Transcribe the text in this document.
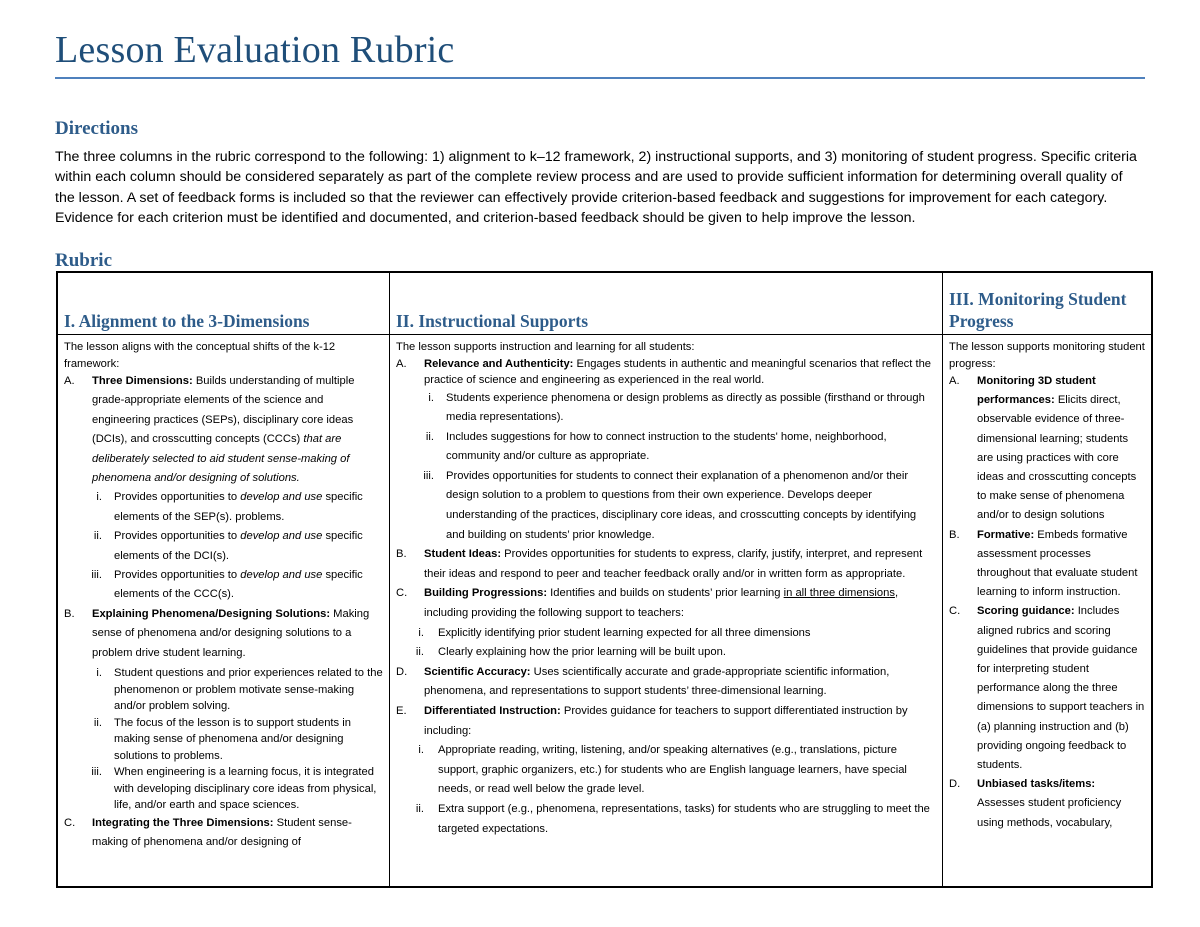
Lesson Evaluation Rubric
Directions

The three columns in the rubric correspond to the following: 1) alignment to k–12 framework, 2) instructional supports, and 3) monitoring of student progress. Specific criteria within each column should be considered separately as part of the complete review process and are used to provide sufficient information for determining overall quality of the lesson. A set of feedback forms is included so that the reviewer can effectively provide criterion-based feedback and suggestions for improvement for each category. Evidence for each criterion must be identified and documented, and criterion-based feedback should be given to help improve the lesson.

Rubric
I. Alignment to the 3-Dimensions

The lesson aligns with the conceptual shifts of the k-12 framework:

A. Three Dimensions: Builds understanding of multiple grade-appropriate elements of the science and engineering practices (SEPs), disciplinary core ideas (DCIs), and crosscutting concepts (CCCs) that are deliberately selected to aid student sense-making of phenomena and/or designing of solutions.
i. Provides opportunities to develop and use specific elements of the SEP(s). problems.
ii. Provides opportunities to develop and use specific elements of the DCI(s).
iii. Provides opportunities to develop and use specific elements of the CCC(s).
B. Explaining Phenomena/Designing Solutions: Making sense of phenomena and/or designing solutions to a problem drive student learning.
i. Student questions and prior experiences related to the phenomenon or problem motivate sense-making and/or problem solving.
ii. The focus of the lesson is to support students in making sense of phenomena and/or designing solutions to problems.
iii. When engineering is a learning focus, it is integrated with developing disciplinary core ideas from physical, life, and/or earth and space sciences.
C. Integrating the Three Dimensions: Student sense-making of phenomena and/or designing of
II. Instructional Supports

The lesson supports instruction and learning for all students:

A. Relevance and Authenticity: Engages students in authentic and meaningful scenarios that reflect the practice of science and engineering as experienced in the real world.
i. Students experience phenomena or design problems as directly as possible (firsthand or through media representations).
ii. Includes suggestions for how to connect instruction to the students' home, neighborhood, community and/or culture as appropriate.
iii. Provides opportunities for students to connect their explanation of a phenomenon and/or their design solution to a problem to questions from their own experience. Develops deeper understanding of the practices, disciplinary core ideas, and crosscutting concepts by identifying and building on students’ prior knowledge.
B. Student Ideas: Provides opportunities for students to express, clarify, justify, interpret, and represent their ideas and respond to peer and teacher feedback orally and/or in written form as appropriate.
C. Building Progressions: Identifies and builds on students’ prior learning in all three dimensions, including providing the following support to teachers:
i. Explicitly identifying prior student learning expected for all three dimensions
ii. Clearly explaining how the prior learning will be built upon.
D. Scientific Accuracy: Uses scientifically accurate and grade-appropriate scientific information, phenomena, and representations to support students’ three-dimensional learning.
E. Differentiated Instruction: Provides guidance for teachers to support differentiated instruction by including:
i. Appropriate reading, writing, listening, and/or speaking alternatives (e.g., translations, picture support, graphic organizers, etc.) for students who are English language learners, have special needs, or read well below the grade level.
ii. Extra support (e.g., phenomena, representations, tasks) for students who are struggling to meet the targeted expectations.
III. Monitoring Student Progress

The lesson supports monitoring student progress:

A. Monitoring 3D student performances: Elicits direct, observable evidence of three-dimensional learning; students are using practices with core ideas and crosscutting concepts to make sense of phenomena and/or to design solutions
B. Formative: Embeds formative assessment processes throughout that evaluate student learning to inform instruction.
C. Scoring guidance: Includes aligned rubrics and scoring guidelines that provide guidance for interpreting student performance along the three dimensions to support teachers in (a) planning instruction and (b) providing ongoing feedback to students.
D. Unbiased tasks/items: Assesses student proficiency using methods, vocabulary,
